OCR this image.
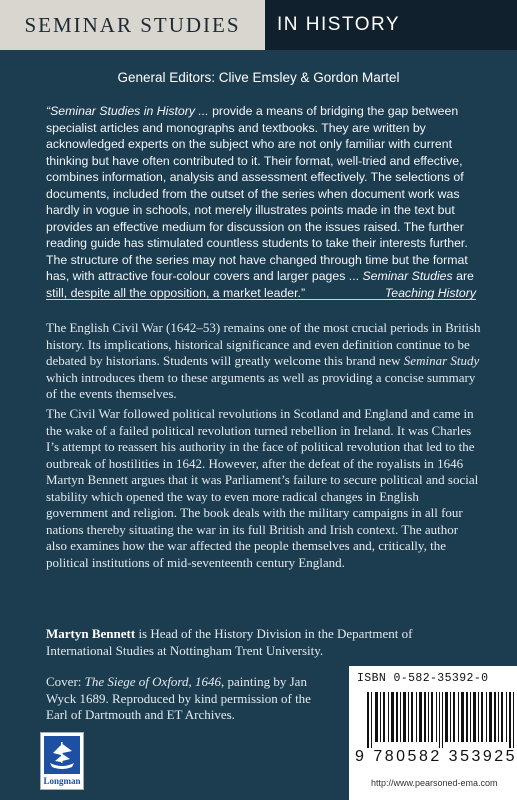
SEMINAR STUDIES	IN HISTORY
General Editors: Clive Emsley & Gordon Martel
“Seminar Studies in History ... provide a means of bridging the gap between specialist articles and monographs and textbooks. They are written by acknowledged experts on the subject who are not only familiar with current thinking but have often contributed to it. Their format, well-tried and effective, combines information, analysis and assessment effectively. The selections of documents, included from the outset of the series when document work was hardly in vogue in schools, not merely illustrates points made in the text but provides an effective medium for discussion on the issues raised. The further reading guide has stimulated countless students to take their interests further. The structure of the series may not have changed through time but the format has, with attractive four-colour covers and larger pages ... Seminar Studies are still, despite all the opposition, a market leader.”	Teaching History
The English Civil War (1642–53) remains one of the most crucial periods in British history. Its implications, historical significance and even definition continue to be debated by historians. Students will greatly welcome this brand new Seminar Study which introduces them to these arguments as well as providing a concise summary of the events themselves.
The Civil War followed political revolutions in Scotland and England and came in the wake of a failed political revolution turned rebellion in Ireland. It was Charles I’s attempt to reassert his authority in the face of political revolution that led to the outbreak of hostilities in 1642. However, after the defeat of the royalists in 1646 Martyn Bennett argues that it was Parliament’s failure to secure political and social stability which opened the way to even more radical changes in English government and religion. The book deals with the military campaigns in all four nations thereby situating the war in its full British and Irish context. The author also examines how the war affected the people themselves and, critically, the political institutions of mid-seventeenth century England.
Martyn Bennett is Head of the History Division in the Department of International Studies at Nottingham Trent University.
Cover: The Siege of Oxford, 1646, painting by Jan Wyck 1689. Reproduced by kind permission of the Earl of Dartmouth and ET Archives.
Longman
ISBN 0-582-35392-0
9 780582 353925
http://www.pearsoned-ema.com
